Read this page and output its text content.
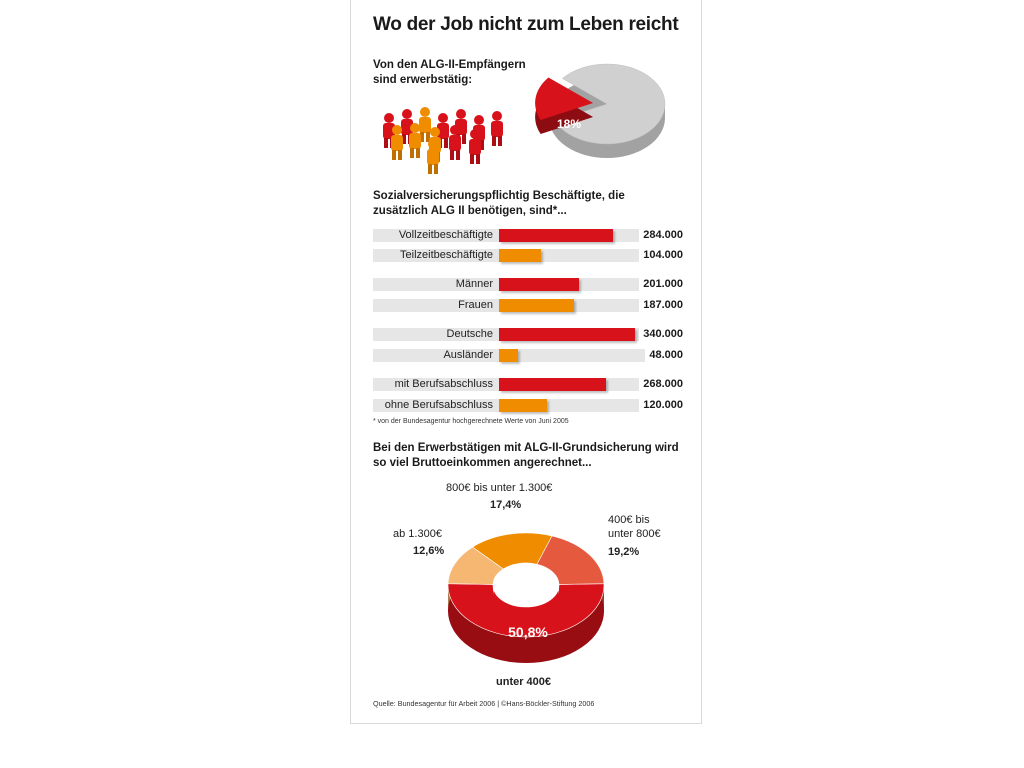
Wo der Job nicht zum Leben reicht
Von den ALG-II-Empfängern
sind erwerbstätig:
18%
Sozialversicherungspflichtig Beschäftigte, die
zusätzlich ALG II benötigen, sind*...
Vollzeitbeschäftigte	284.000
Teilzeitbeschäftigte	104.000
Männer	201.000
Frauen	187.000
Deutsche	340.000
Ausländer	48.000
mit Berufsabschluss	268.000
ohne Berufsabschluss	120.000
* von der Bundesagentur hochgerechnete Werte von Juni 2005
Bei den Erwerbstätigen mit ALG-II-Grundsicherung wird
so viel Bruttoeinkommen angerechnet...
800€ bis unter 1.300€
17,4%
400€ bis
unter 800€
19,2%
ab 1.300€
12,6%
50,8%
unter 400€
Quelle: Bundesagentur für Arbeit 2006 | ©Hans-Böckler-Stiftung 2006
